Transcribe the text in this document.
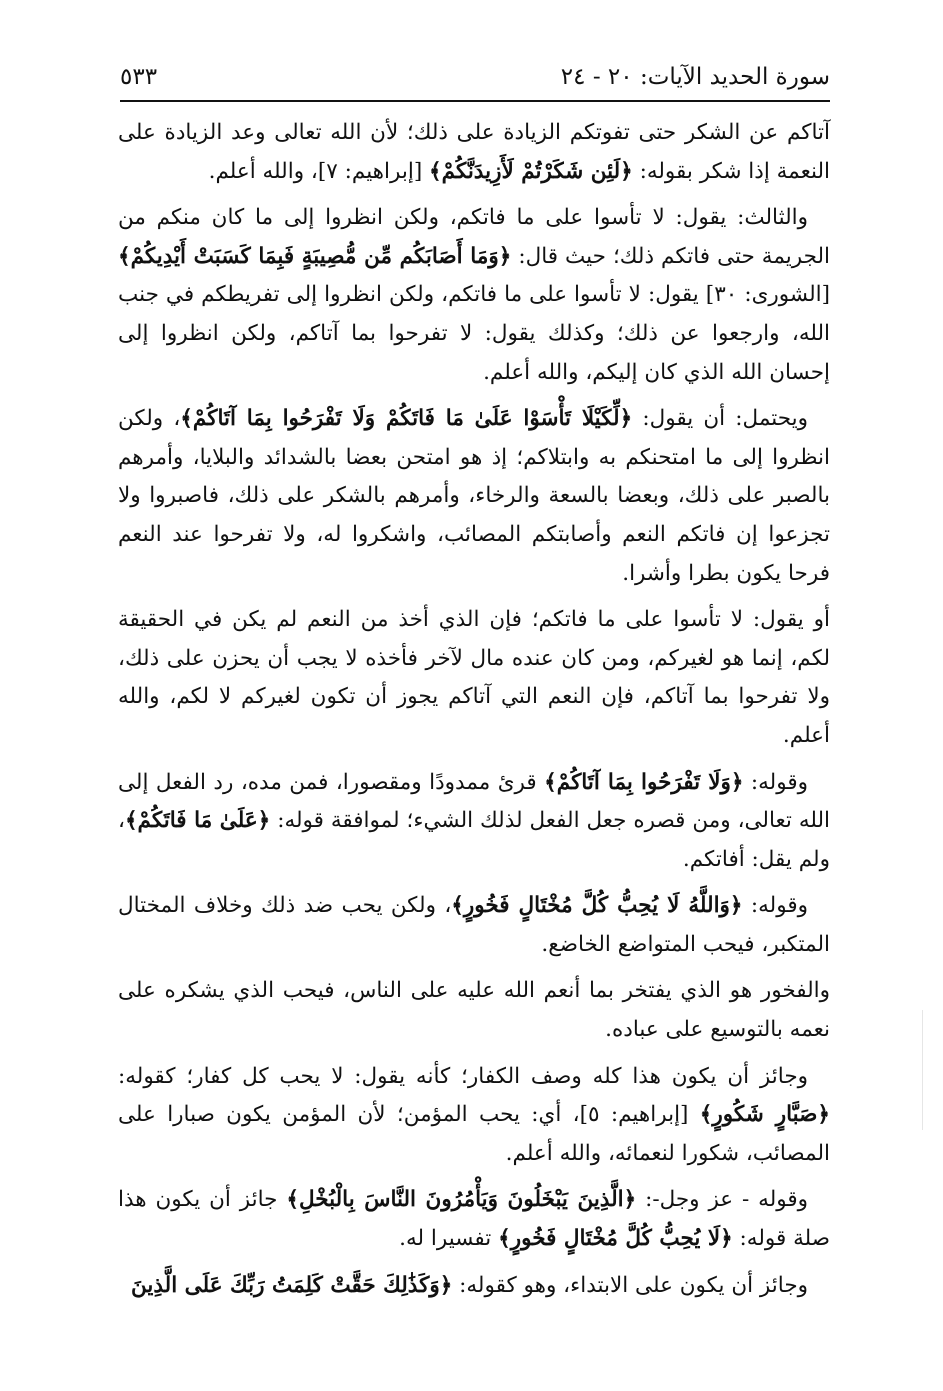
سورة الحديد الآيات: ٢٠ - ٢٤
٥٣٣

آتاكم عن الشكر حتى تفوتكم الزيادة على ذلك؛ لأن الله تعالى وعد الزيادة على النعمة إذا شكر بقوله: ﴿لَئِن شَكَرْتُمْ لَأَزِيدَنَّكُمْ﴾ [إبراهيم: ٧]، والله أعلم.

والثالث: يقول: لا تأسوا على ما فاتكم، ولكن انظروا إلى ما كان منكم من الجريمة حتى فاتكم ذلك؛ حيث قال: ﴿وَمَا أَصَابَكُم مِّن مُّصِيبَةٍ فَبِمَا كَسَبَتْ أَيْدِيكُمْ﴾ [الشورى: ٣٠] يقول: لا تأسوا على ما فاتكم، ولكن انظروا إلى تفريطكم في جنب الله، وارجعوا عن ذلك؛ وكذلك يقول: لا تفرحوا بما آتاكم، ولكن انظروا إلى إحسان الله الذي كان إليكم، والله أعلم.

ويحتمل: أن يقول: ﴿لِّكَيْلَا تَأْسَوْا عَلَىٰ مَا فَاتَكُمْ وَلَا تَفْرَحُوا بِمَا آتَاكُمْ﴾، ولكن انظروا إلى ما امتحنكم به وابتلاكم؛ إذ هو امتحن بعضا بالشدائد والبلايا، وأمرهم بالصبر على ذلك، وبعضا بالسعة والرخاء، وأمرهم بالشكر على ذلك، فاصبروا ولا تجزعوا إن فاتكم النعم وأصابتكم المصائب، واشكروا له، ولا تفرحوا عند النعم فرحا يكون بطرا وأشرا.

أو يقول: لا تأسوا على ما فاتكم؛ فإن الذي أخذ من النعم لم يكن في الحقيقة لكم، إنما هو لغيركم، ومن كان عنده مال لآخر فأخذه لا يجب أن يحزن على ذلك، ولا تفرحوا بما آتاكم، فإن النعم التي آتاكم يجوز أن تكون لغيركم لا لكم، والله أعلم.

وقوله: ﴿وَلَا تَفْرَحُوا بِمَا آتَاكُمْ﴾ قرئ ممدودًا ومقصورا، فمن مده، رد الفعل إلى الله تعالى، ومن قصره جعل الفعل لذلك الشيء؛ لموافقة قوله: ﴿عَلَىٰ مَا فَاتَكُمْ﴾، ولم يقل: أفاتكم.

وقوله: ﴿وَاللَّهُ لَا يُحِبُّ كُلَّ مُخْتَالٍ فَخُورٍ﴾، ولكن يحب ضد ذلك وخلاف المختال المتكبر، فيحب المتواضع الخاضع.

والفخور هو الذي يفتخر بما أنعم الله عليه على الناس، فيحب الذي يشكره على نعمه بالتوسيع على عباده.

وجائز أن يكون هذا كله وصف الكفار؛ كأنه يقول: لا يحب كل كفار؛ كقوله: ﴿صَبَّارٍ شَكُورٍ﴾ [إبراهيم: ٥]، أي: يحب المؤمن؛ لأن المؤمن يكون صبارا على المصائب، شكورا لنعمائه، والله أعلم.

وقوله - عز وجل-: ﴿الَّذِينَ يَبْخَلُونَ وَيَأْمُرُونَ النَّاسَ بِالْبُخْلِ﴾ جائز أن يكون هذا صلة قوله: ﴿لَا يُحِبُّ كُلَّ مُخْتَالٍ فَخُورٍ﴾ تفسيرا له.

وجائز أن يكون على الابتداء، وهو كقوله: ﴿وَكَذَٰلِكَ حَقَّتْ كَلِمَتُ رَبِّكَ عَلَى الَّذِينَ
